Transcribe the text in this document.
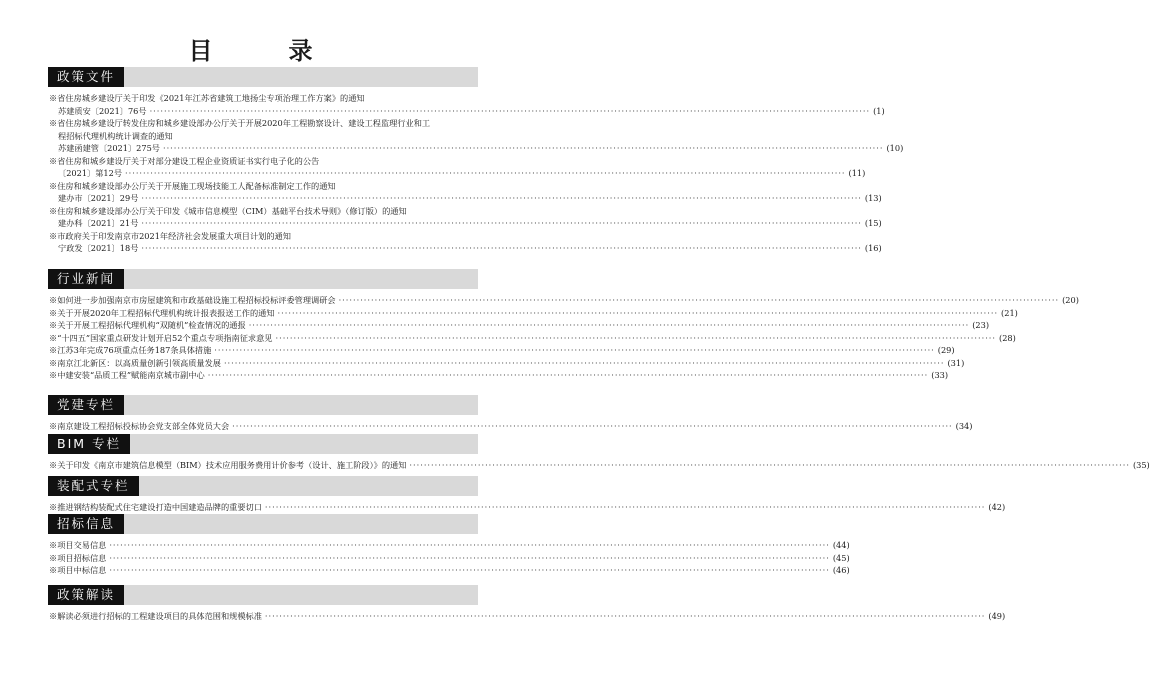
目　录
政策文件
※省住房城乡建设厅关于印发《2021年江苏省建筑工地扬尘专项治理工作方案》的通知
苏建质安〔2021〕76号 ········································································································································································································ (1)
※省住房城乡建设厅转发住房和城乡建设部办公厅关于开展2020年工程勘察设计、建设工程监理行业和工
程招标代理机构统计调查的通知
苏建函建管〔2021〕275号 ········································································································································································································ (10)
※省住房和城乡建设厅关于对部分建设工程企业资质证书实行电子化的公告
〔2021〕第12号 ········································································································································································································ (11)
※住房和城乡建设部办公厅关于开展施工现场技能工人配备标准制定工作的通知
建办市〔2021〕29号 ········································································································································································································ (13)
※住房和城乡建设部办公厅关于印发《城市信息模型（CIM）基础平台技术导则》（修订版）的通知
建办科〔2021〕21号 ········································································································································································································ (15)
※市政府关于印发南京市2021年经济社会发展重大项目计划的通知
宁政发〔2021〕18号 ········································································································································································································ (16)
行业新闻
※如何进一步加强南京市房屋建筑和市政基础设施工程招标投标评委管理调研会 ········································································································································································································ (20)
※关于开展2020年工程招标代理机构统计报表报送工作的通知 ········································································································································································································ (21)
※关于开展工程招标代理机构“双随机”检查情况的通报 ········································································································································································································ (23)
※“十四五”国家重点研发计划开启52个重点专项指南征求意见 ········································································································································································································ (28)
※江苏3年完成76项重点任务187条具体措施 ········································································································································································································ (29)
※南京江北新区：以高质量创新引领高质量发展 ········································································································································································································ (31)
※中建安装“品质工程”赋能南京城市副中心 ········································································································································································································ (33)
党建专栏
※南京建设工程招标投标协会党支部全体党员大会 ········································································································································································································ (34)
BIM 专栏
※关于印发《南京市建筑信息模型（BIM）技术应用服务费用计价参考（设计、施工阶段）》的通知 ········································································································································································································ (35)
装配式专栏
※推进钢结构装配式住宅建设打造中国建造品牌的重要切口 ········································································································································································································ (42)
招标信息
※项目交易信息 ········································································································································································································ (44)
※项目招标信息 ········································································································································································································ (45)
※项目中标信息 ········································································································································································································ (46)
政策解读
※解读必须进行招标的工程建设项目的具体范围和规模标准 ········································································································································································································ (49)
